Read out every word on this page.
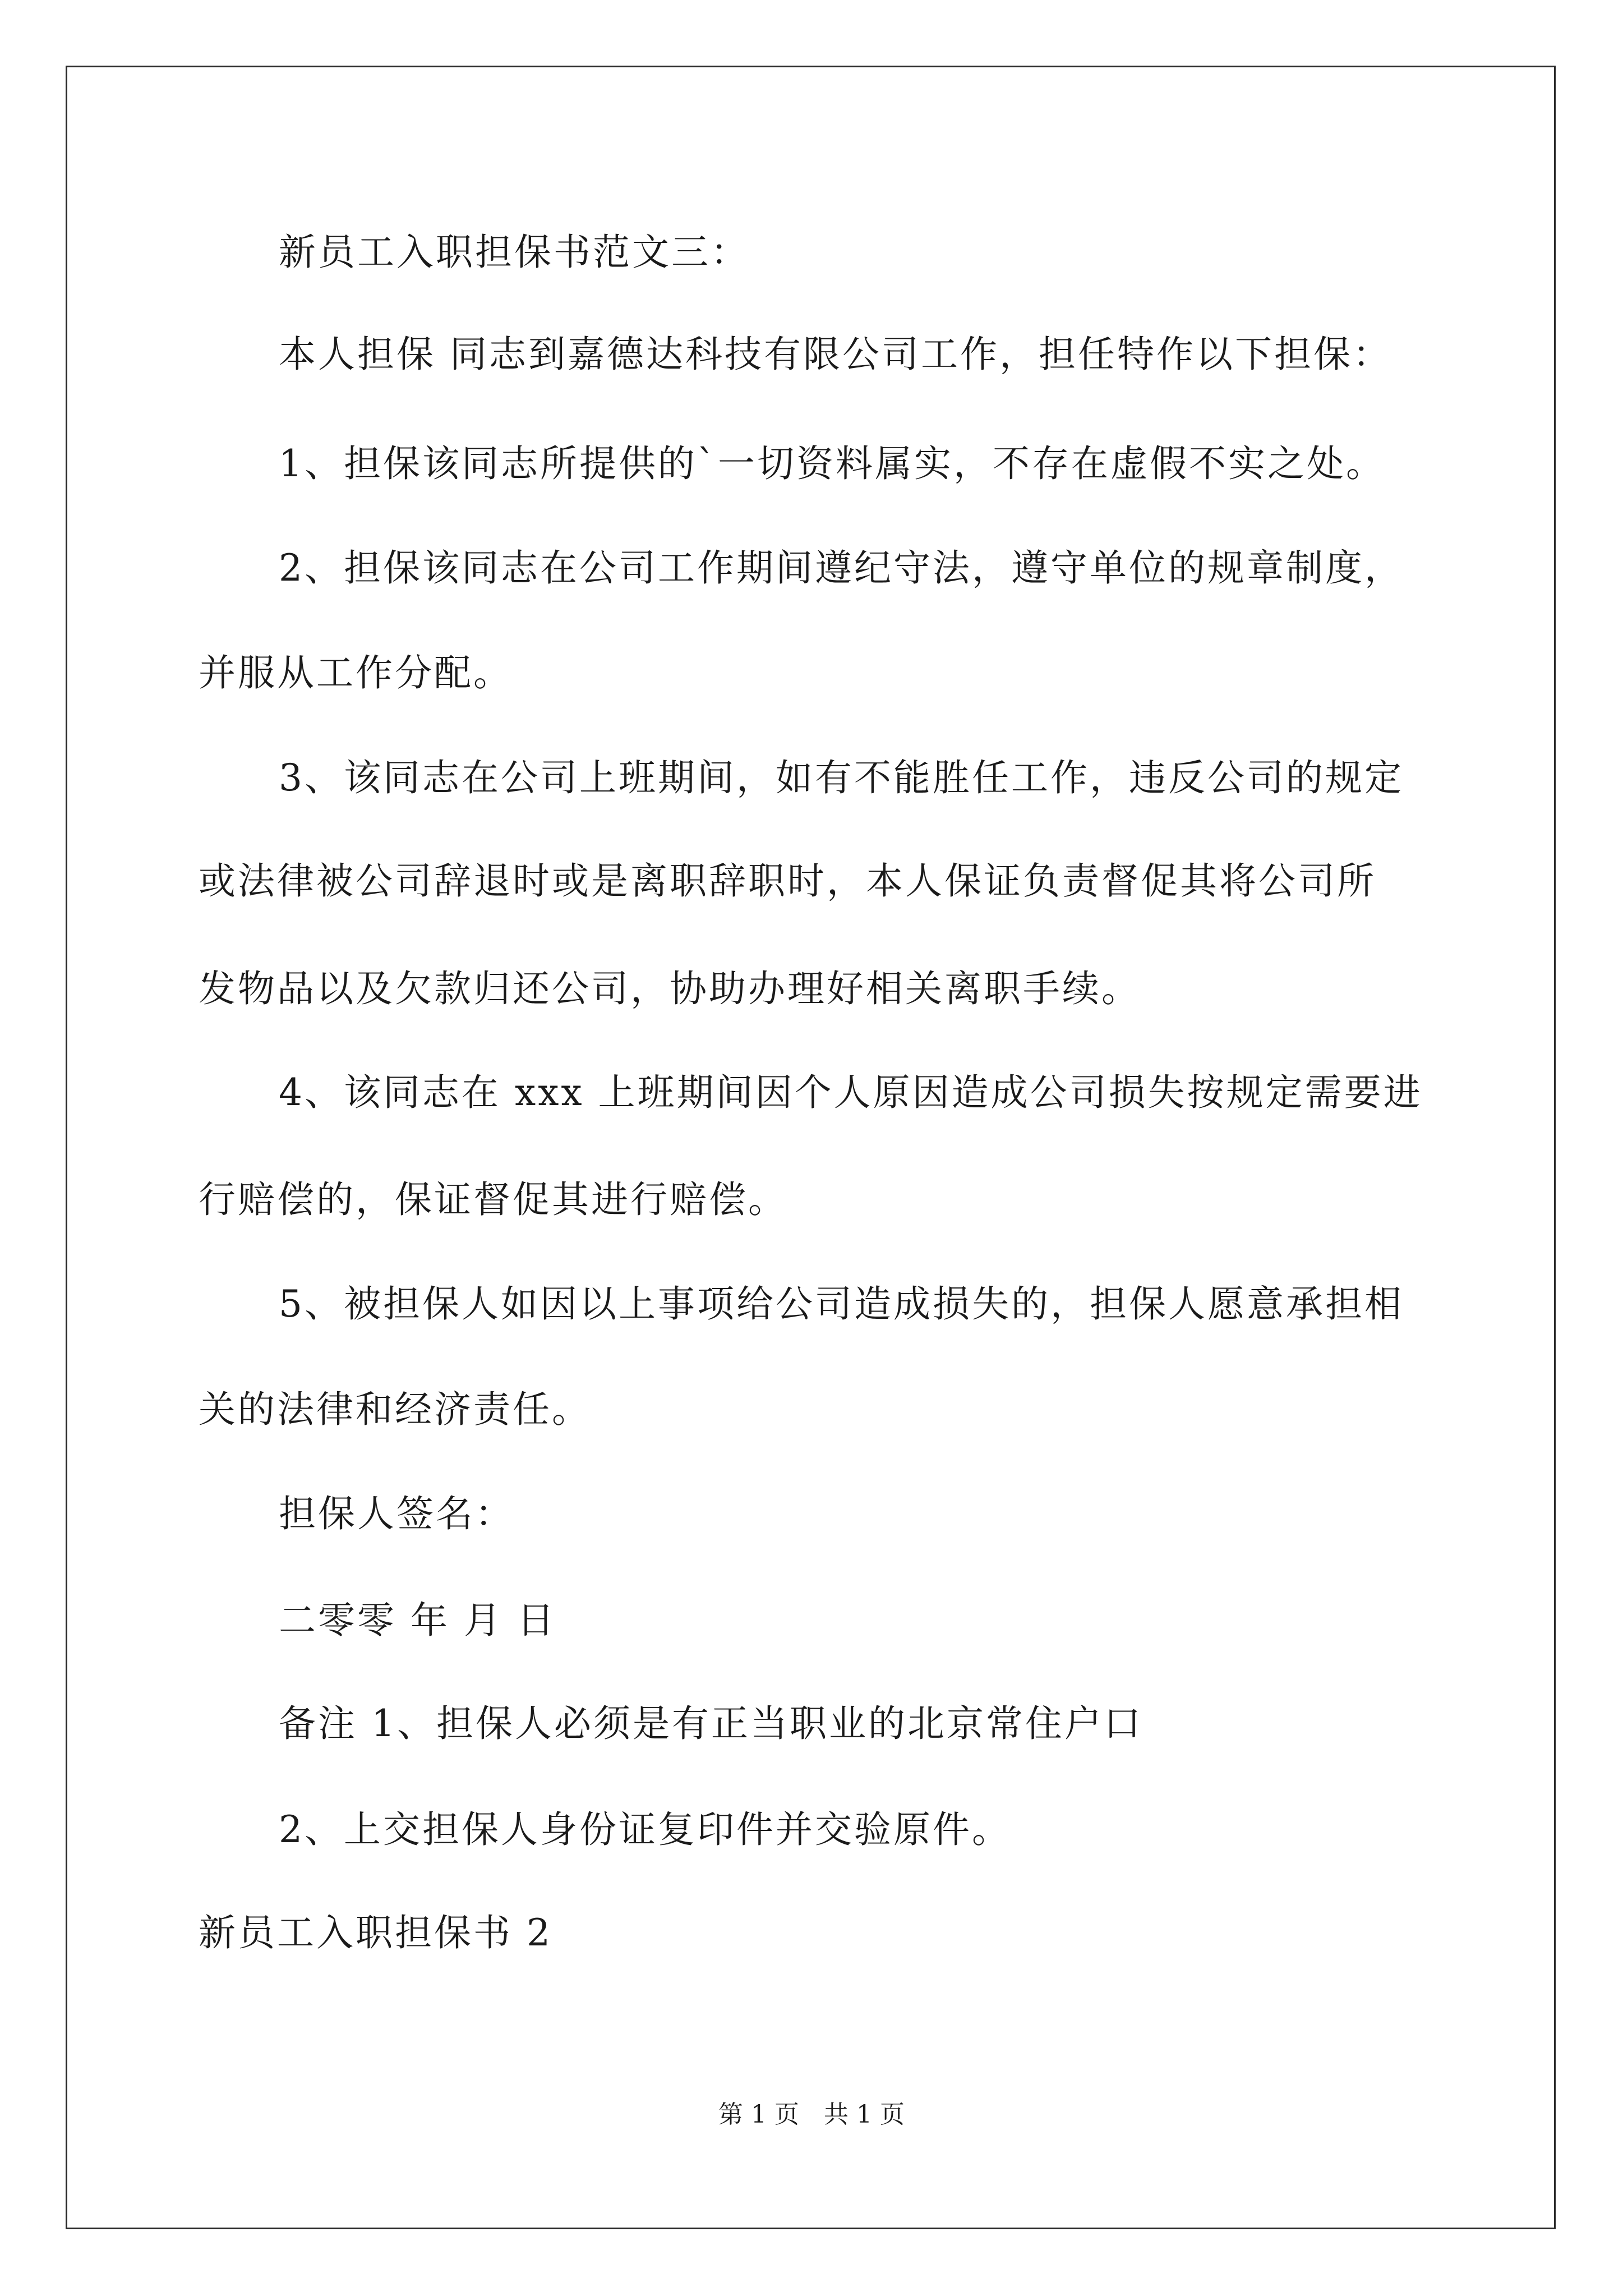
新员工入职担保书范文三：
本人担保 同志到嘉德达科技有限公司工作，担任特作以下担保：
1、担保该同志所提供的`一切资料属实，不存在虚假不实之处。
2、担保该同志在公司工作期间遵纪守法，遵守单位的规章制度，
并服从工作分配。
3、该同志在公司上班期间，如有不能胜任工作，违反公司的规定
或法律被公司辞退时或是离职辞职时，本人保证负责督促其将公司所
发物品以及欠款归还公司，协助办理好相关离职手续。
4、该同志在 xxx 上班期间因个人原因造成公司损失按规定需要进
行赔偿的，保证督促其进行赔偿。
5、被担保人如因以上事项给公司造成损失的，担保人愿意承担相
关的法律和经济责任。
担保人签名：
二零零 年 月 日
备注 1、担保人必须是有正当职业的北京常住户口
2、上交担保人身份证复印件并交验原件。
新员工入职担保书 2
第 1 页　共 1 页
